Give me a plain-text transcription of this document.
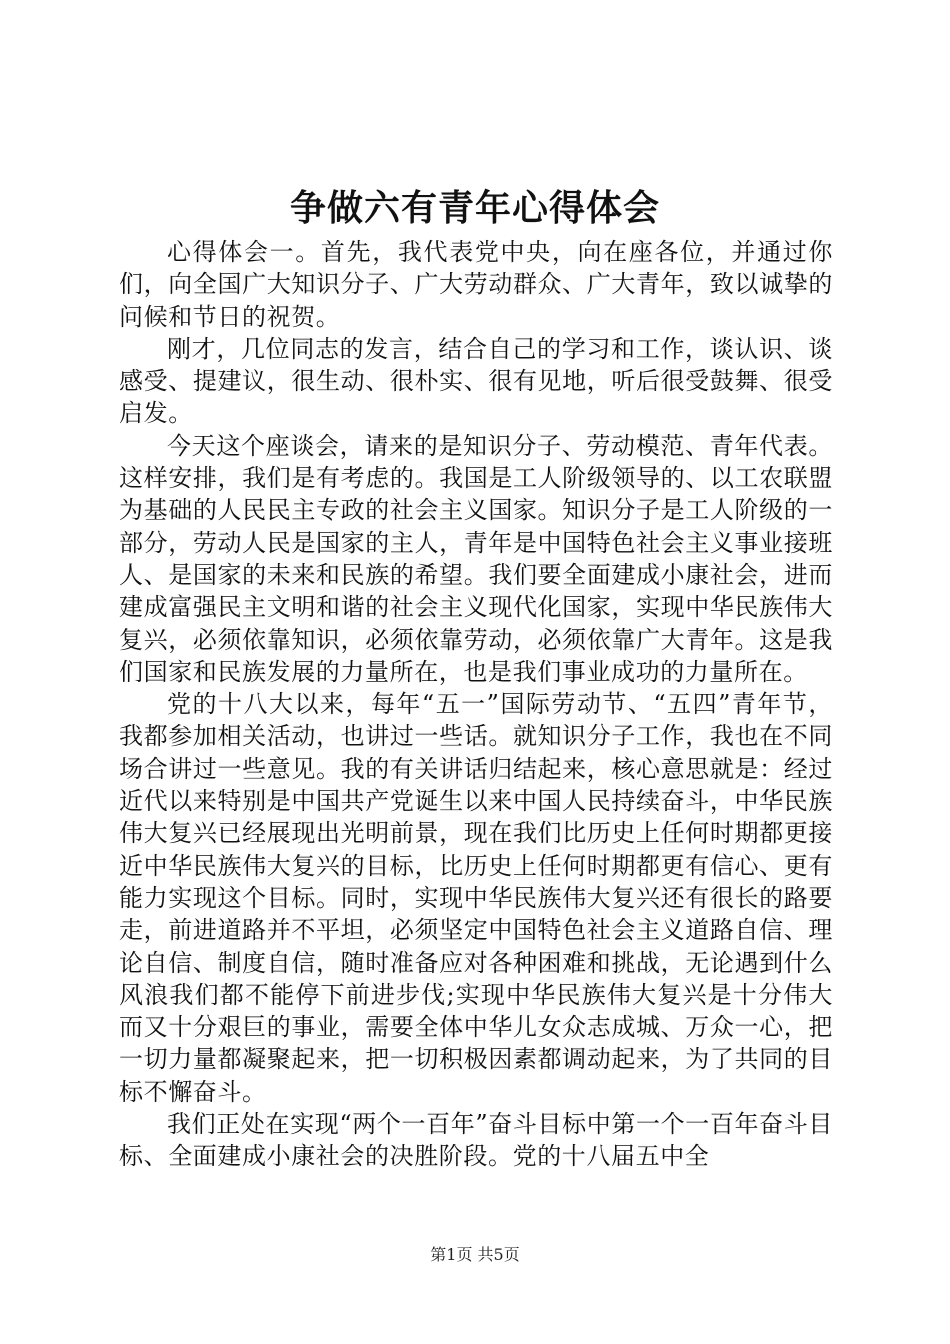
争做六有青年心得体会

心得体会一。首先，我代表党中央，向在座各位，并通过你们，向全国广大知识分子、广大劳动群众、广大青年，致以诚挚的问候和节日的祝贺。

刚才，几位同志的发言，结合自己的学习和工作，谈认识、谈感受、提建议，很生动、很朴实、很有见地，听后很受鼓舞、很受启发。

今天这个座谈会，请来的是知识分子、劳动模范、青年代表。这样安排，我们是有考虑的。我国是工人阶级领导的、以工农联盟为基础的人民民主专政的社会主义国家。知识分子是工人阶级的一部分，劳动人民是国家的主人，青年是中国特色社会主义事业接班人、是国家的未来和民族的希望。我们要全面建成小康社会，进而建成富强民主文明和谐的社会主义现代化国家，实现中华民族伟大复兴，必须依靠知识，必须依靠劳动，必须依靠广大青年。这是我们国家和民族发展的力量所在，也是我们事业成功的力量所在。

党的十八大以来，每年“五一”国际劳动节、“五四”青年节，我都参加相关活动，也讲过一些话。就知识分子工作，我也在不同场合讲过一些意见。我的有关讲话归结起来，核心意思就是：经过近代以来特别是中国共产党诞生以来中国人民持续奋斗，中华民族伟大复兴已经展现出光明前景，现在我们比历史上任何时期都更接近中华民族伟大复兴的目标，比历史上任何时期都更有信心、更有能力实现这个目标。同时，实现中华民族伟大复兴还有很长的路要走，前进道路并不平坦，必须坚定中国特色社会主义道路自信、理论自信、制度自信，随时准备应对各种困难和挑战，无论遇到什么风浪我们都不能停下前进步伐;实现中华民族伟大复兴是十分伟大而又十分艰巨的事业，需要全体中华儿女众志成城、万众一心，把一切力量都凝聚起来，把一切积极因素都调动起来，为了共同的目标不懈奋斗。

我们正处在实现“两个一百年”奋斗目标中第一个一百年奋斗目标、全面建成小康社会的决胜阶段。党的十八届五中全

第1页 共5页
